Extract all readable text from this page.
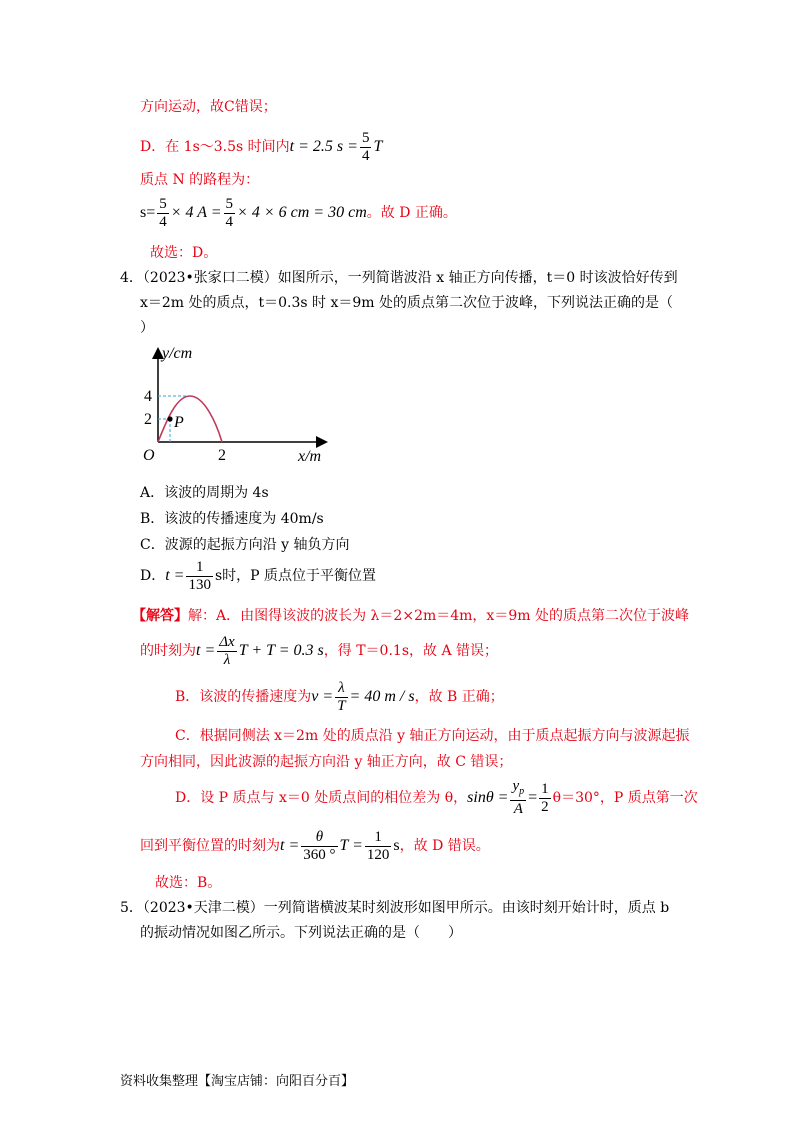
方向运动，故C错误；
D．在 1s～3.5s 时间内t = 2.5 $s = \frac{5}{4}$ T
质点 N 的路程为：
$s= \frac{5}{4} \times 4$ $A = \frac{5}{4} \times 4 \times 6$ cm = 30 cm。故 D 正确。
故选：D。
4．（2023•张家口二模）如图所示，一列简谐波沿 x 轴正方向传播，t＝0 时该波恰好传到
x＝2m 处的质点，t＝0.3s 时 x＝9m 处的质点第二次位于波峰，下列说法正确的是（
）
y/cm
x/m
O
4
2
2
P
A．该波的周期为 4s
B．该波的传播速度为 40m/s
C．波源的起振方向沿 y 轴负方向
D．$t = \frac{1}{130}$ s时，P 质点位于平衡位置
【解答】解：A．由图得该波的波长为 λ＝2×2m＝4m，x＝9m 处的质点第二次位于波峰
的时刻为$t = \frac{\Delta x}{\lambda}$ T + T = 0.3 s，得 T＝0.1s，故 A 错误；
B．该波的传播速度为$v = \frac{\lambda}{T} = 40$ m / s，故 B 正确；
C．根据同侧法 x＝2m 处的质点沿 y 轴正方向运动，由于质点起振方向与波源起振
方向相同，因此波源的起振方向沿 y 轴正方向，故 C 错误；
D．设 P 质点与 x＝0 处质点间的相位差为 θ，$\sin\theta = \frac{y_p}{A} = \frac{1}{2} \theta=30^\circ$，P 质点第一次
回到平衡位置的时刻为$t = \frac{\theta}{360 ^\circ}$ $T = \frac{1}{120}$ s，故 D 错误。
故选：B。
5．（2023•天津二模）一列简谐横波某时刻波形如图甲所示。由该时刻开始计时，质点 b
的振动情况如图乙所示。下列说法正确的是（　　）
资料收集整理【淘宝店铺：向阳百分百】
